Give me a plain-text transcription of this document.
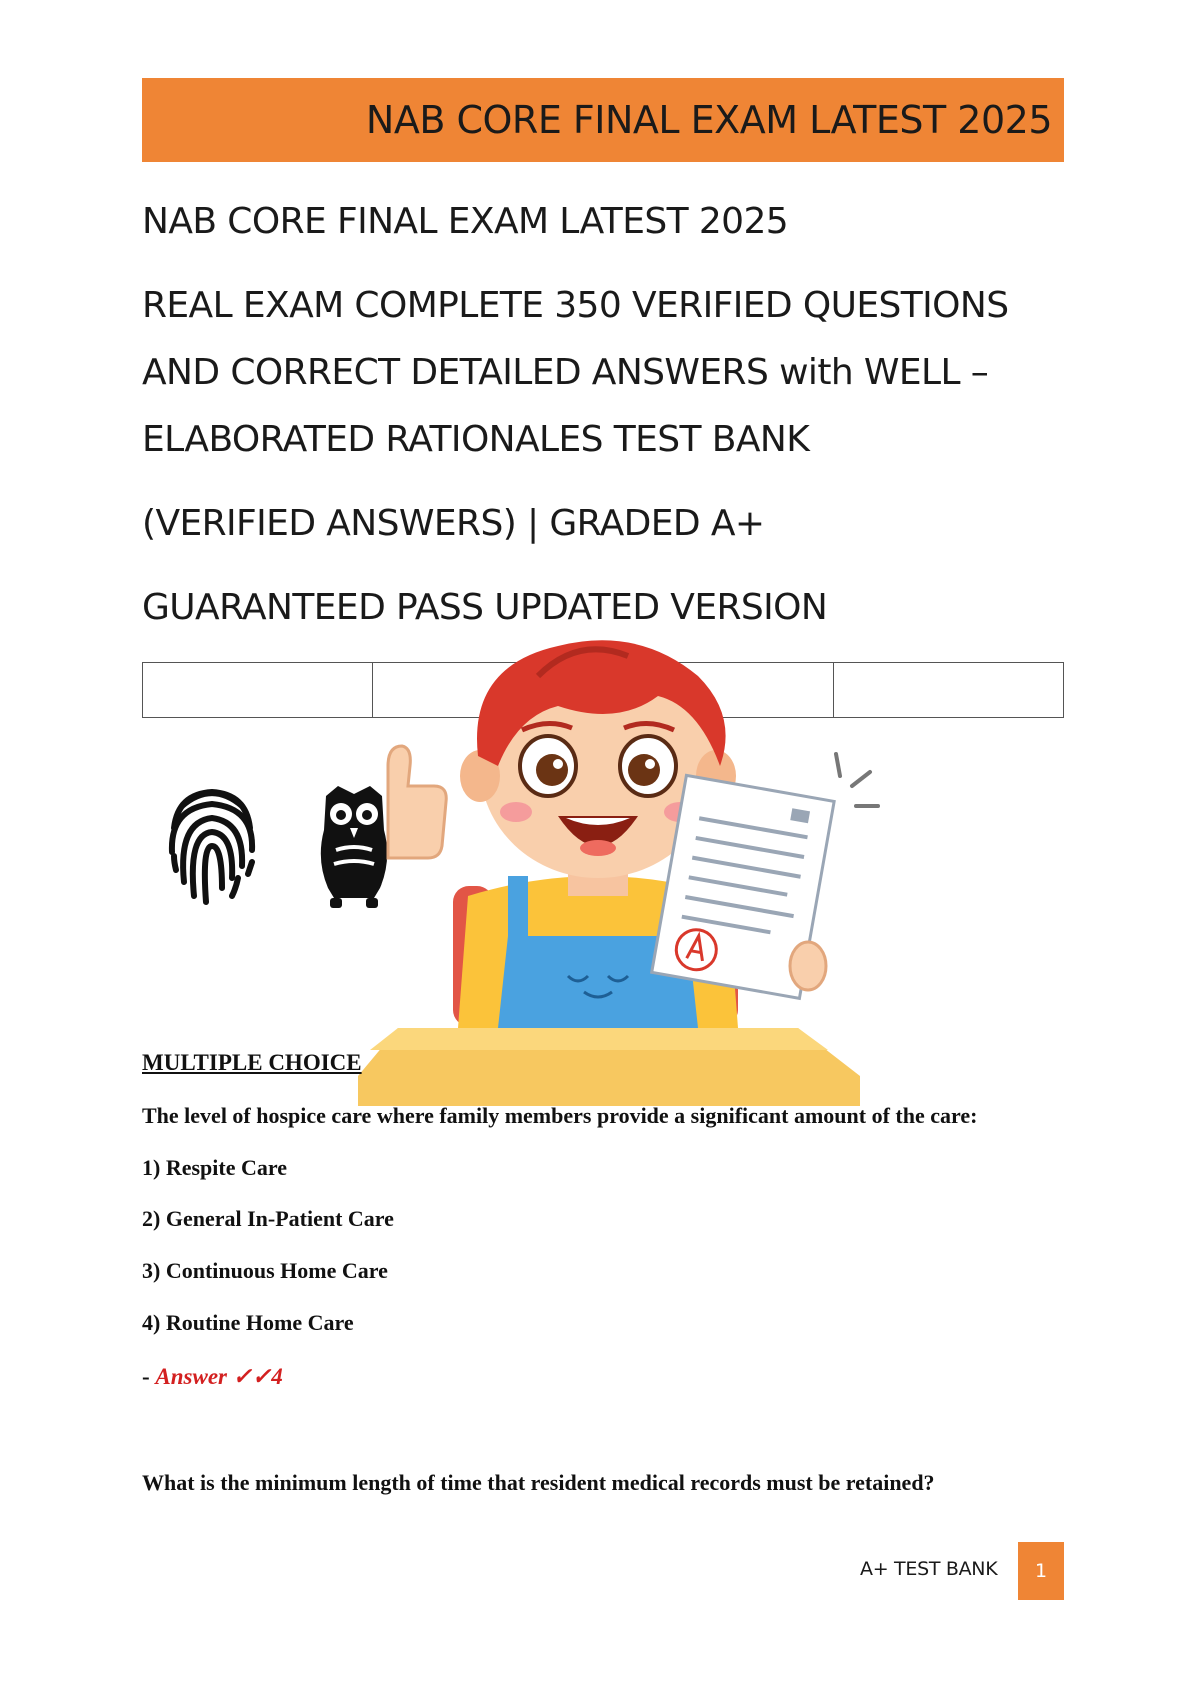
NAB CORE FINAL EXAM LATEST 2025
NAB CORE FINAL EXAM LATEST 2025
REAL EXAM COMPLETE 350 VERIFIED QUESTIONS
AND CORRECT DETAILED ANSWERS with WELL –
ELABORATED RATIONALES TEST BANK
(VERIFIED ANSWERS) | GRADED A+
GUARANTEED PASS UPDATED VERSION

MULTIPLE CHOICE
The level of hospice care where family members provide a significant amount of the care:
1) Respite Care
2) General In-Patient Care
3) Continuous Home Care
4) Routine Home Care
- Answer ✓✓4
What is the minimum length of time that resident medical records must be retained?
A+ TEST BANK 1
